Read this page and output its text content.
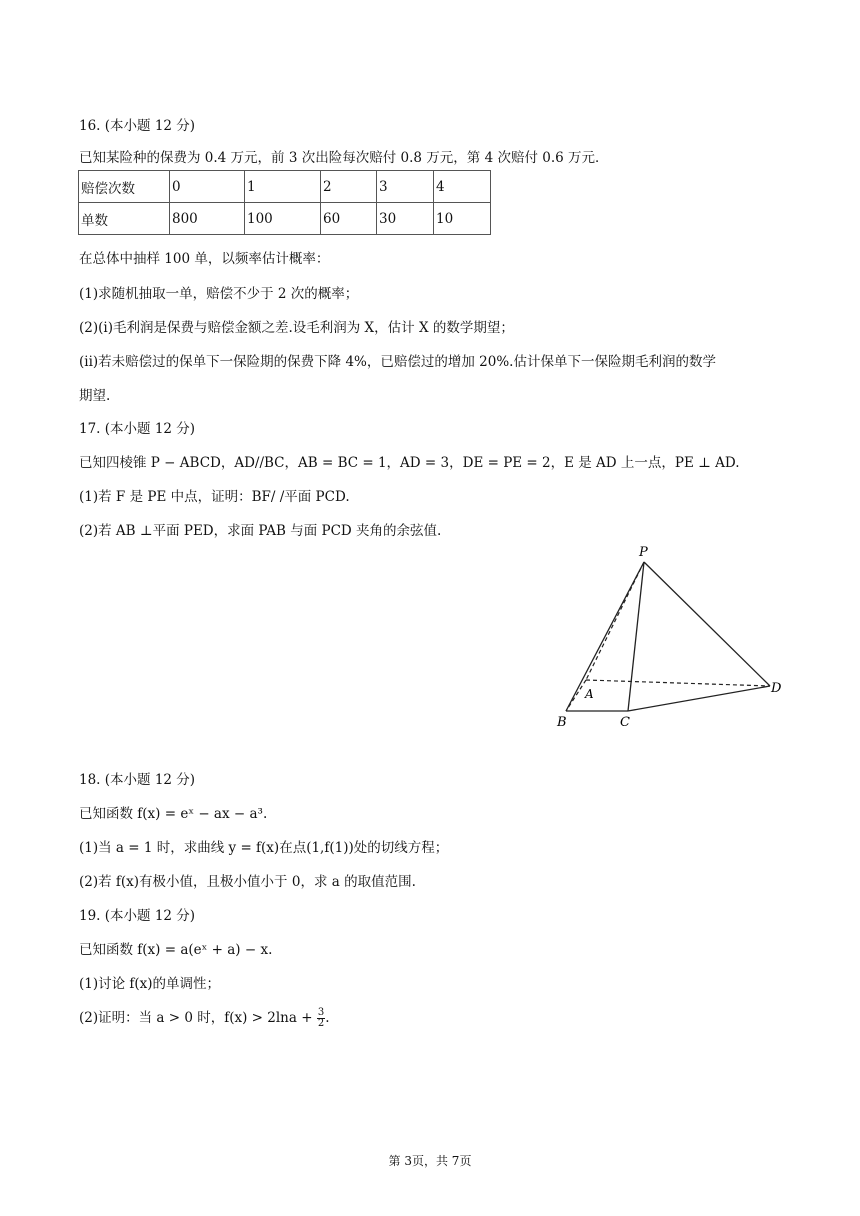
16. (本小题 12 分)
已知某险种的保费为 0.4 万元，前 3 次出险每次赔付 0.8 万元，第 4 次赔付 0.6 万元．
赔偿次数	0	1	2	3	4
单数	800	100	60	30	10
在总体中抽样 100 单，以频率估计概率：
(1)求随机抽取一单，赔偿不少于 2 次的概率；
(2)(i)毛利润是保费与赔偿金额之差.设毛利润为 X，估计 X 的数学期望；
(ii)若未赔偿过的保单下一保险期的保费下降 4%，已赔偿过的增加 20%.估计保单下一保险期毛利润的数学
期望.
17. (本小题 12 分)
已知四棱锥 P − ABCD，AD//BC，AB = BC = 1，AD = 3，DE = PE = 2，E 是 AD 上一点，PE ⊥ AD.
(1)若 F 是 PE 中点，证明：BF/ /平面 PCD.
(2)若 AB ⊥平面 PED，求面 PAB 与面 PCD 夹角的余弦值.
P
A
B	C
D
18. (本小题 12 分)
已知函数 f(x) = eˣ − ax − a³.
(1)当 a = 1 时，求曲线 y = f(x)在点(1,f(1))处的切线方程；
(2)若 f(x)有极小值，且极小值小于 0，求 a 的取值范围.
19. (本小题 12 分)
已知函数 f(x) = a(eˣ + a) − x.
(1)讨论 f(x)的单调性；
(2)证明：当 a > 0 时，$f(x) > 2\ln a + \frac{3}{2}$ .
第 3页，共 7页
